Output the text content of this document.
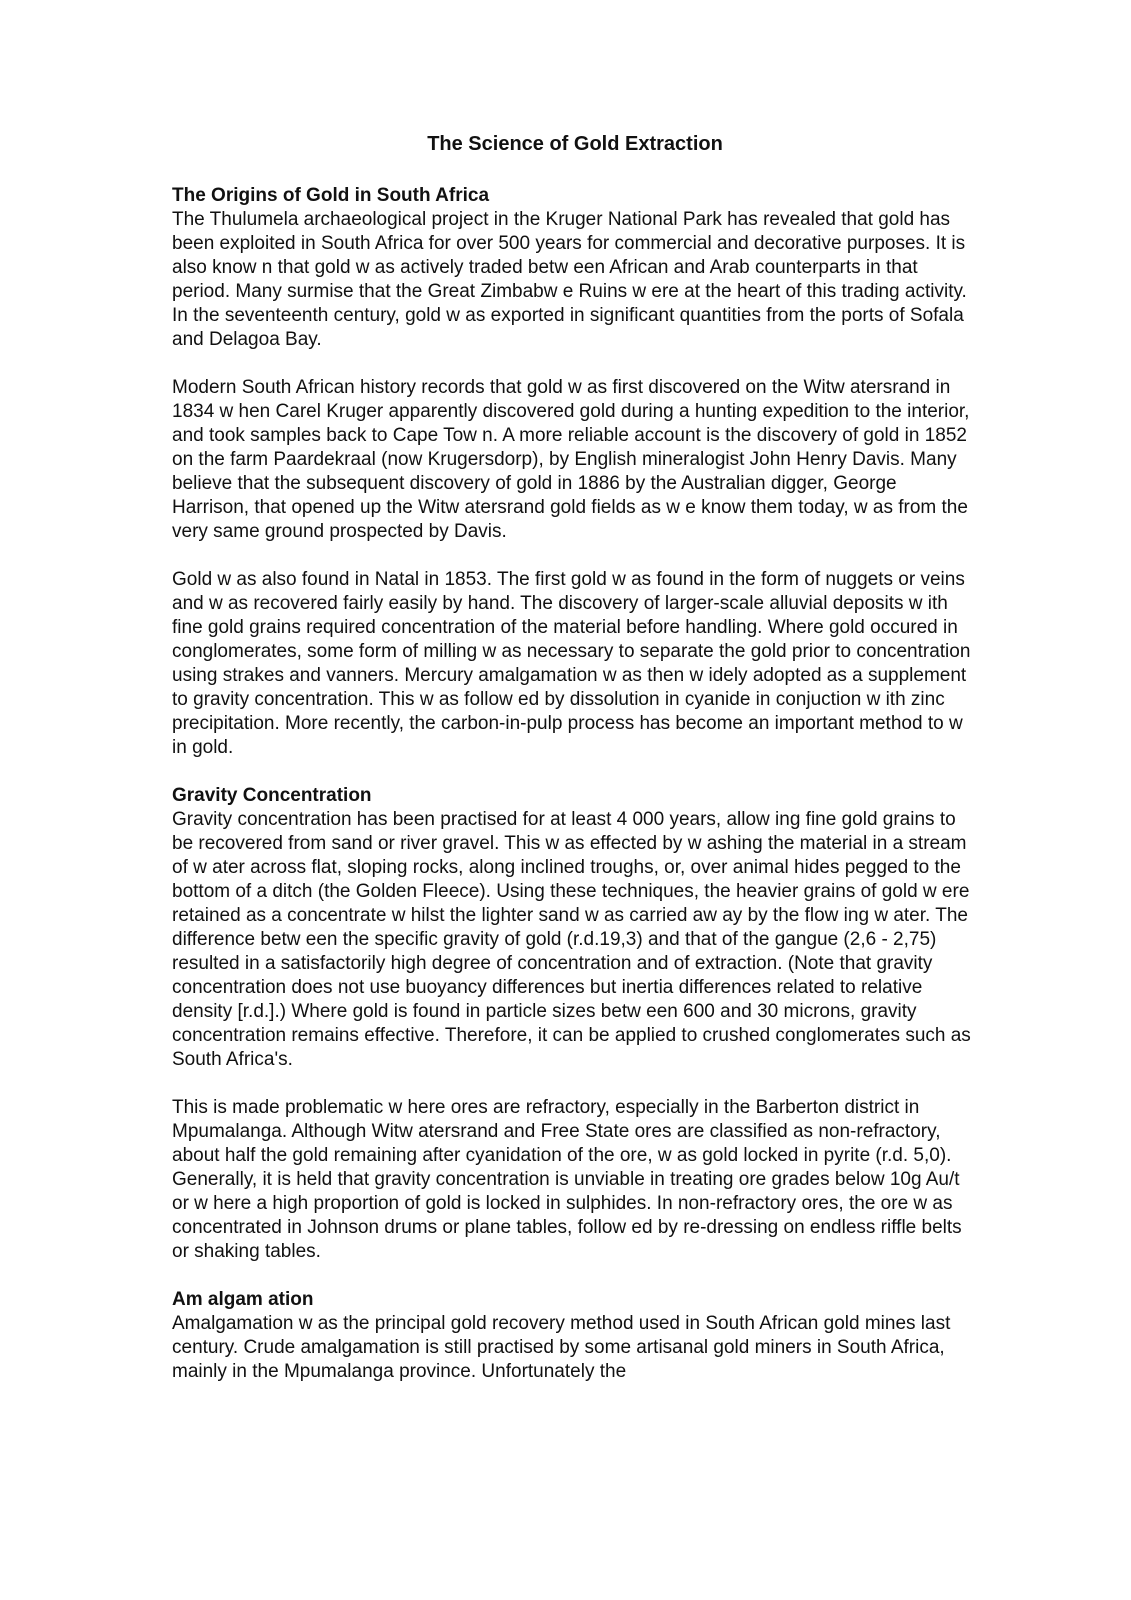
The Science of Gold Extraction
The Origins of Gold in South Africa

The Thulumela archaeological project in the Kruger National Park has revealed that gold has been exploited in South Africa for over 500 years for commercial and decorative purposes. It is also know n that gold w as actively traded betw een African and Arab counterparts in that period. Many surmise that the Great Zimbabw e Ruins w ere at the heart of this trading activity. In the seventeenth century, gold w as exported in significant quantities from the ports of Sofala and Delagoa Bay.

Modern South African history records that gold w as first discovered on the Witw atersrand in 1834 w hen Carel Kruger apparently discovered gold during a hunting expedition to the interior, and took samples back to Cape Tow n. A more reliable account is the discovery of gold in 1852 on the farm Paardekraal (now Krugersdorp), by English mineralogist John Henry Davis. Many believe that the subsequent discovery of gold in 1886 by the Australian digger, George Harrison, that opened up the Witw atersrand gold fields as w e know them today, w as from the very same ground prospected by Davis.

Gold w as also found in Natal in 1853. The first gold w as found in the form of nuggets or veins and w as recovered fairly easily by hand. The discovery of larger-scale alluvial deposits w ith fine gold grains required concentration of the material before handling. Where gold occured in conglomerates, some form of milling w as necessary to separate the gold prior to concentration using strakes and vanners. Mercury amalgamation w as then w idely adopted as a supplement to gravity concentration. This w as follow ed by dissolution in cyanide in conjuction w ith zinc precipitation. More recently, the carbon-in-pulp process has become an important method to w in gold.

Gravity Concentration

Gravity concentration has been practised for at least 4 000 years, allow ing fine gold grains to be recovered from sand or river gravel. This w as effected by w ashing the material in a stream of w ater across flat, sloping rocks, along inclined troughs, or, over animal hides pegged to the bottom of a ditch (the Golden Fleece). Using these techniques, the heavier grains of gold w ere retained as a concentrate w hilst the lighter sand w as carried aw ay by the flow ing w ater. The difference betw een the specific gravity of gold (r.d.19,3) and that of the gangue (2,6 - 2,75) resulted in a satisfactorily high degree of concentration and of extraction. (Note that gravity concentration does not use buoyancy differences but inertia differences related to relative density [r.d.].) Where gold is found in particle sizes betw een 600 and 30 microns, gravity concentration remains effective. Therefore, it can be applied to crushed conglomerates such as South Africa's.

This is made problematic w here ores are refractory, especially in the Barberton district in Mpumalanga. Although Witw atersrand and Free State ores are classified as non-refractory, about half the gold remaining after cyanidation of the ore, w as gold locked in pyrite (r.d. 5,0). Generally, it is held that gravity concentration is unviable in treating ore grades below 10g Au/t or w here a high proportion of gold is locked in sulphides. In non-refractory ores, the ore w as concentrated in Johnson drums or plane tables, follow ed by re-dressing on endless riffle belts or shaking tables.

Am algam ation

Amalgamation w as the principal gold recovery method used in South African gold mines last century. Crude amalgamation is still practised by some artisanal gold miners in South Africa, mainly in the Mpumalanga province. Unfortunately the
